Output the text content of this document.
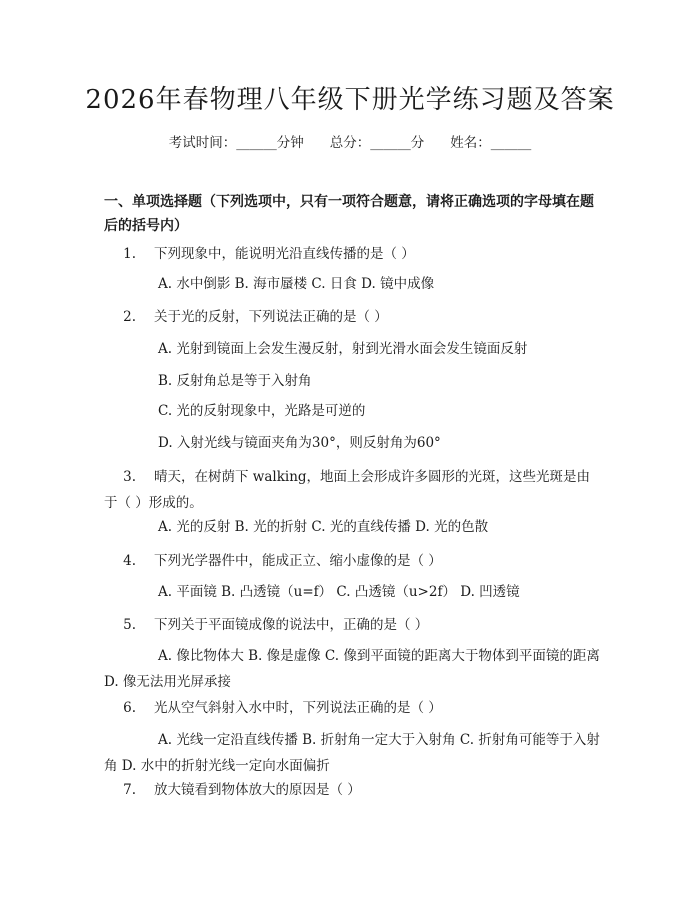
2026年春物理八年级下册光学练习题及答案
考试时间：______分钟 总分：______分 姓名：______
一、单项选择题（下列选项中，只有一项符合题意，请将正确选项的字母填在题后的括号内）
1. 下列现象中，能说明光沿直线传播的是（ ）
A. 水中倒影 B. 海市蜃楼 C. 日食 D. 镜中成像
2. 关于光的反射，下列说法正确的是（ ）
A. 光射到镜面上会发生漫反射，射到光滑水面会发生镜面反射
B. 反射角总是等于入射角
C. 光的反射现象中，光路是可逆的
D. 入射光线与镜面夹角为30°，则反射角为60°
3. 晴天，在树荫下 walking，地面上会形成许多圆形的光斑，这些光斑是由于（ ）形成的。
A. 光的反射 B. 光的折射 C. 光的直线传播 D. 光的色散
4. 下列光学器件中，能成正立、缩小虚像的是（ ）
A. 平面镜 B. 凸透镜（u=f） C. 凸透镜（u>2f） D. 凹透镜
5. 下列关于平面镜成像的说法中，正确的是（ ）
A. 像比物体大 B. 像是虚像 C. 像到平面镜的距离大于物体到平面镜的距离 D. 像无法用光屏承接
6. 光从空气斜射入水中时，下列说法正确的是（ ）
A. 光线一定沿直线传播 B. 折射角一定大于入射角 C. 折射角可能等于入射角 D. 水中的折射光线一定向水面偏折
7. 放大镜看到物体放大的原因是（ ）
